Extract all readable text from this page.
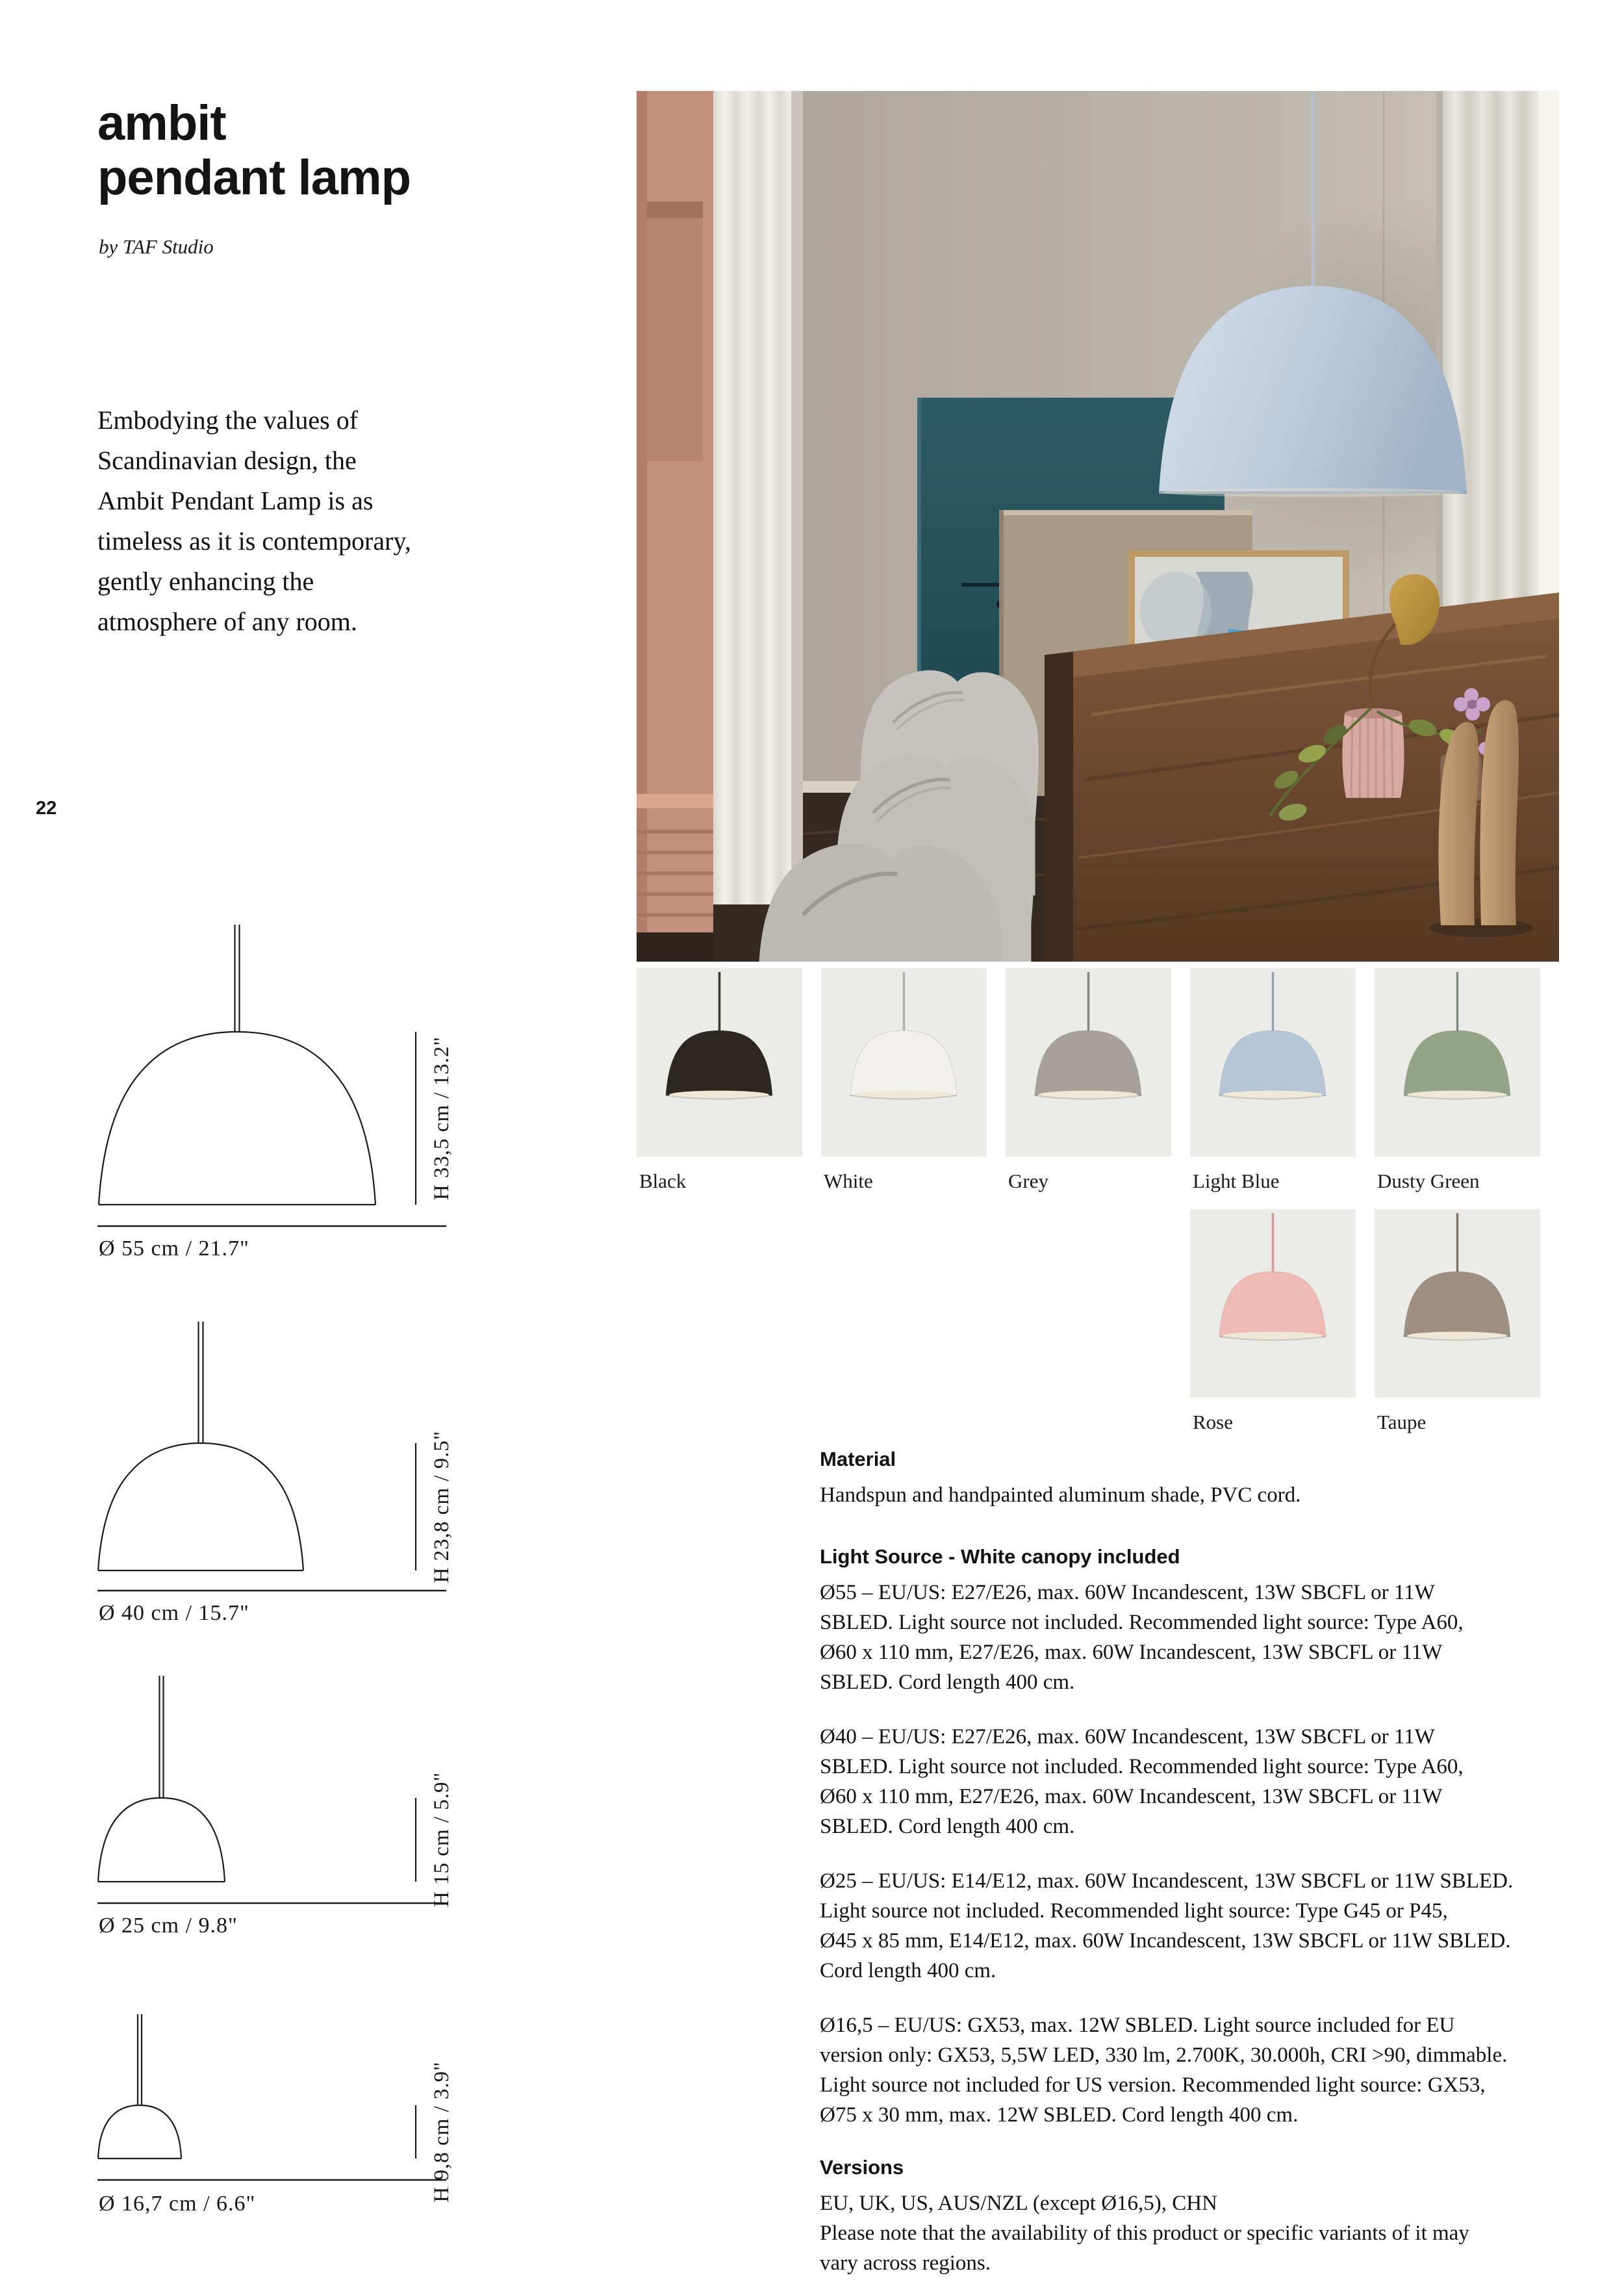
ambit
pendant lamp
by TAF Studio
Embodying the values of
Scandinavian design, the
Ambit Pendant Lamp is as
timeless as it is contemporary,
gently enhancing the
atmosphere of any room.
22
Black	White	Grey	Light Blue	Dusty Green
Rose	Taupe
H 33,5 cm / 13.2"
Ø 55 cm / 21.7"
H 23,8 cm / 9.5"
Ø 40 cm / 15.7"
H 15 cm / 5.9"
Ø 25 cm / 9.8"
H 9,8 cm / 3.9"
Ø 16,7 cm / 6.6"
Material
Handspun and handpainted aluminum shade, PVC cord.
Light Source - White canopy included
Ø55 – EU/US: E27/E26, max. 60W Incandescent, 13W SBCFL or 11W
SBLED. Light source not included. Recommended light source: Type A60,
Ø60 x 110 mm, E27/E26, max. 60W Incandescent, 13W SBCFL or 11W
SBLED. Cord length 400 cm.
Ø40 – EU/US: E27/E26, max. 60W Incandescent, 13W SBCFL or 11W
SBLED. Light source not included. Recommended light source: Type A60,
Ø60 x 110 mm, E27/E26, max. 60W Incandescent, 13W SBCFL or 11W
SBLED. Cord length 400 cm.
Ø25 – EU/US: E14/E12, max. 60W Incandescent, 13W SBCFL or 11W SBLED.
Light source not included. Recommended light source: Type G45 or P45,
Ø45 x 85 mm, E14/E12, max. 60W Incandescent, 13W SBCFL or 11W SBLED.
Cord length 400 cm.
Ø16,5 – EU/US: GX53, max. 12W SBLED. Light source included for EU
version only: GX53, 5,5W LED, 330 lm, 2.700K, 30.000h, CRI >90, dimmable.
Light source not included for US version. Recommended light source: GX53,
Ø75 x 30 mm, max. 12W SBLED. Cord length 400 cm.
Versions
EU, UK, US, AUS/NZL (except Ø16,5), CHN
Please note that the availability of this product or specific variants of it may
vary across regions.
